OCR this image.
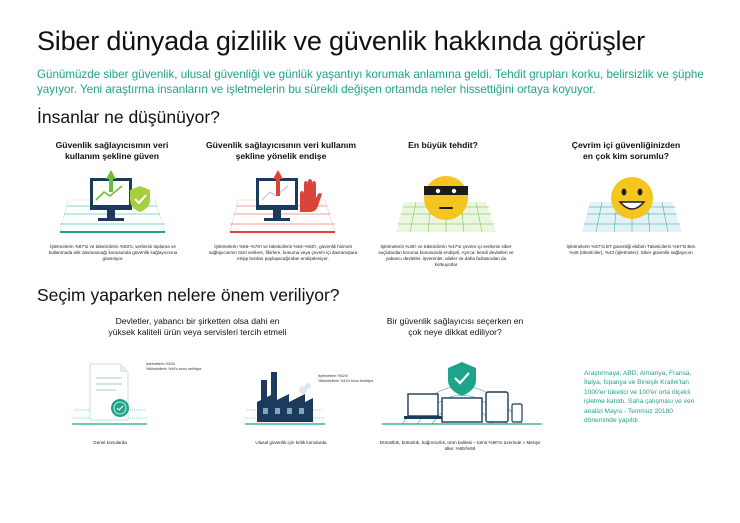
Siber dünyada gizlilik ve güvenlik hakkında görüşler
Günümüzde siber güvenlik, ulusal güvenliği ve günlük yaşantıyı korumak anlamına geldi. Tehdit grupları korku, belirsizlik ve şüphe yayıyor. Yeni araştırma insanların ve işletmelerin bu sürekli değişen ortamda neler hissettiğini ortaya koyuyor.
İnsanlar ne düşünüyor?
Güvenlik sağlayıcısının veri kullanım şekline güven
İşletmelerin %87'si ve tüketicilerin %83'ü, verilerini toplama ve kullanmada etik davranacağı konusunda güvenlik sağlayıcısına güveniyor.
Güvenlik sağlayıcısının veri kullanım şekline yönelik endişe
İşletmelerin %65–%78'i ve tüketicilerin %54–%60'ı, güvenlik hizmeti sağlayıcısının özel verilere, fikirlere, konuma veya çevrim içi davranışlara erişip bunları paylaşacağından endişeleniyor.
En büyük tehdit?
İşletmelerin %45'i ve tüketicilerin %47'si çevrim içi verilerini siber suçlulardan koruma konusunda endişeli. Ayrıca; kendi devletleri ve yabancı devletler, işverenler, aileler ve daha fazlasından da korkuyorlar
Çevrim içi güvenliğinizden en çok kim sorumlu?
İşletmelerin %57'si BT güvenliği ekibim Tüketicilerin %57'si Ben %45 (tüketiciler), %43 (işletmeler): Siber güvenlik sağlayıcım
Seçim yaparken nelere önem veriliyor?
Devletler, yabancı bir şirketten olsa dahi en yüksek kaliteli ürün veya servisleri tercih etmeli
İşletmelerin %53'ü
%tüketicilerin %49'u bunu belirtiyor
Genel konularda
İşletmelerin %52'si
%tüketicilerin %43'ü bunu belirtiyor
Ulusal güvenlik için kritik konularda
Bir güvenlik sağlayıcısı seçerken en çok neye dikkat ediliyor?
Dürüstlük, bütünlük, bağımsızlık, ürün kalitesi – tümü %90'ın üzerinde » Menşe ülke: %85/%59
Araştırmaya; ABD, Almanya, Fransa, İtalya, İspanya ve Birleşik Krallık'tan 1000'er tüketici ve 100'er orta ölçekli işletme katıldı. Saha çalışması ve veri analizi Mayıs - Temmuz 20180 döneminde yapıldı.
